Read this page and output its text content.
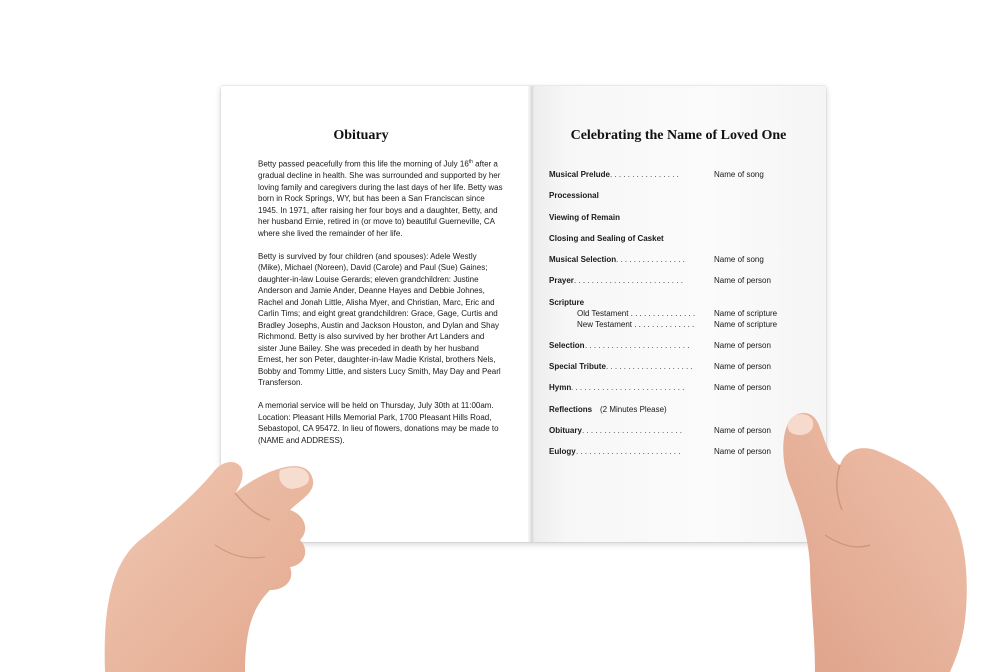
Obituary

Betty passed peacefully from this life the morning of July 16th after a gradual decline in health. She was surrounded and supported by her loving family and caregivers during the last days of her life. Betty was born in Rock Springs, WY, but has been a San Franciscan since 1945. In 1971, after raising her four boys and a daughter, Betty, and her husband Ernie, retired in (or move to) beautiful Guerneville, CA where she lived the remainder of her life.

Betty is survived by four children (and spouses): Adele Westly (Mike), Michael (Noreen), David (Carole) and Paul (Sue) Gaines; daughter-in-law Louise Gerards; eleven grandchildren: Justine Anderson and Jamie Ander, Deanne Hayes and Debbie Johnes, Rachel and Jonah Little, Alisha Myer, and Christian, Marc, Eric and Carlin Tims; and eight great grandchildren: Grace, Gage, Curtis and Bradley Josephs, Austin and Jackson Houston, and Dylan and Shay Richmond. Betty is also survived by her brother Art Landers and sister June Bailey. She was preceded in death by her husband Ernest, her son Peter, daughter-in-law Madie Kristal, brothers Nels, Bobby and Tommy Little, and sisters Lucy Smith, May Day and Pearl Transferson.

A memorial service will be held on Thursday, July 30th at 11:00am. Location: Pleasant Hills Memorial Park, 1700 Pleasant Hills Road, Sebastopol, CA 95472. In lieu of flowers, donations may be made to (NAME and ADDRESS).

Celebrating the Name of Loved One
Musical Prelude . . . . . . . . . . . . . . . .	Name of song
Processional
Viewing of Remain
Closing and Sealing of Casket
Musical Selection . . . . . . . . . . . . . . . .	Name of song
Prayer . . . . . . . . . . . . . . . . . . . . . . . . .	Name of person
Scripture
Old Testament . . . . . . . . . . . . . . . Name of scripture
New Testament . . . . . . . . . . . . . . Name of scripture
Selection . . . . . . . . . . . . . . . . . . . . . . . .	Name of person
Special Tribute . . . . . . . . . . . . . . . . . . . .	Name of person
Hymn . . . . . . . . . . . . . . . . . . . . . . . . . .	Name of person
Reflections (2 Minutes Please)
Obituary . . . . . . . . . . . . . . . . . . . . . . .	Name of person
Eulogy . . . . . . . . . . . . . . . . . . . . . . . .	Name of person
